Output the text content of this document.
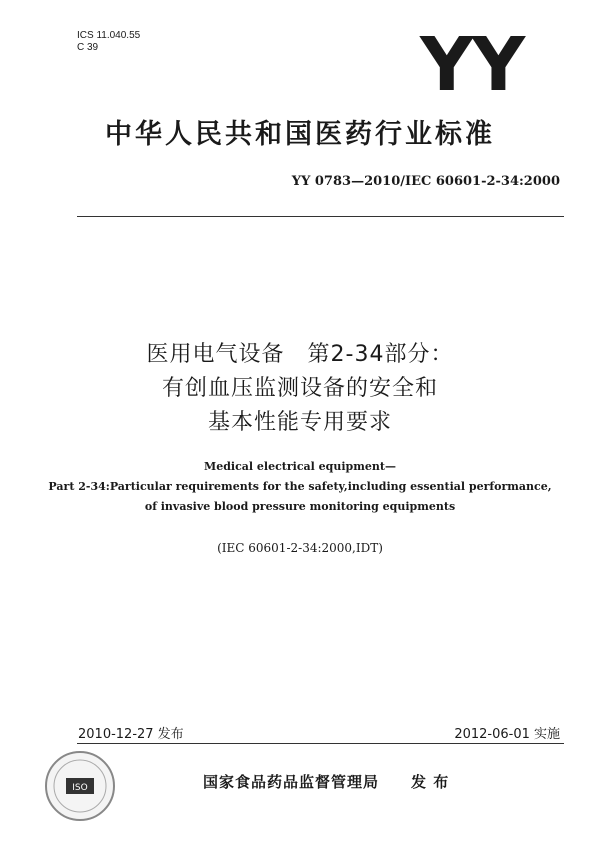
ICS 11.040.55
C 39	YY
中华人民共和国医药行业标准
YY 0783—2010/IEC 60601-2-34:2000
医用电气设备　第2-34部分：
有创血压监测设备的安全和
基本性能专用要求
Medical electrical equipment—
Part 2-34:Particular requirements for the safety,including essential performance,
of invasive blood pressure monitoring equipments
(IEC 60601-2-34:2000,IDT)
2010-12-27 发布	2012-06-01 实施
ISO	国家食品药品监督管理局　　发 布
